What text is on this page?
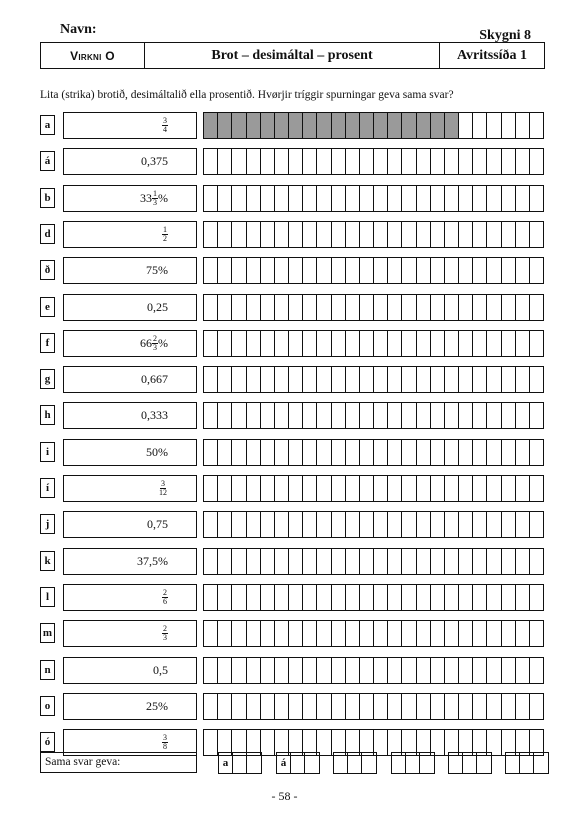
Navn:	Skygni 8
Virkni O	Brot – desimáltal – prosent	Avritssíða 1
Lita (strika) brotið, desimáltalið ella prosentið. Hvørjir tríggir spurningar geva sama svar?
a	$\frac{3}{4}$
á	0,375
b	$33 \frac{1}{3}$ %
d	$\frac{1}{2}$
ð	75%
e	0,25
f	$66 \frac{2}{3}$ %
g	0,667
h	0,333
i	50%
í	$\frac{3}{12}$
j	0,75
k	37,5%
l	$\frac{2}{6}$
m	$\frac{2}{3}$
n	0,5
o	25%
ó	$\frac{3}{8}$
Sama svar geva:	a	á
- 58 -
